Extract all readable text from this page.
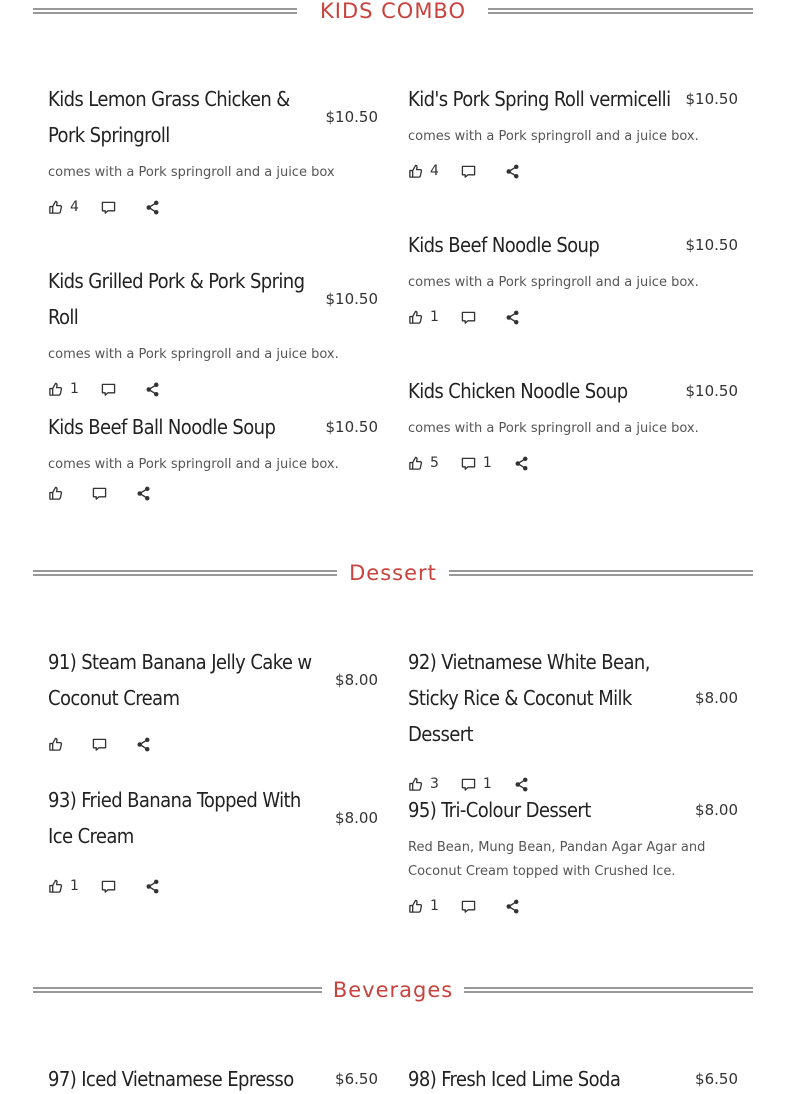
KIDS COMBO
Kids Lemon Grass Chicken & Pork Springroll
$10.50
comes with a Pork springroll and a juice box
4
Kids Grilled Pork & Pork Spring Roll
$10.50
comes with a Pork springroll and a juice box.
1
Kids Beef Ball Noodle Soup	$10.50
comes with a Pork springroll and a juice box.
Kid's Pork Spring Roll vermicelli	$10.50
comes with a Pork springroll and a juice box.
4
Kids Beef Noodle Soup	$10.50
comes with a Pork springroll and a juice box.
1
Kids Chicken Noodle Soup	$10.50
comes with a Pork springroll and a juice box.
5	1
Dessert
91) Steam Banana Jelly Cake w Coconut Cream
$8.00
93) Fried Banana Topped With Ice Cream
$8.00
1
92) Vietnamese White Bean, Sticky Rice & Coconut Milk Dessert
$8.00
3	1
95) Tri-Colour Dessert	$8.00
Red Bean, Mung Bean, Pandan Agar Agar and Coconut Cream topped with Crushed Ice.
1
Beverages
97) Iced Vietnamese Epresso	$6.50 98) Fresh Iced Lime Soda	$6.50
